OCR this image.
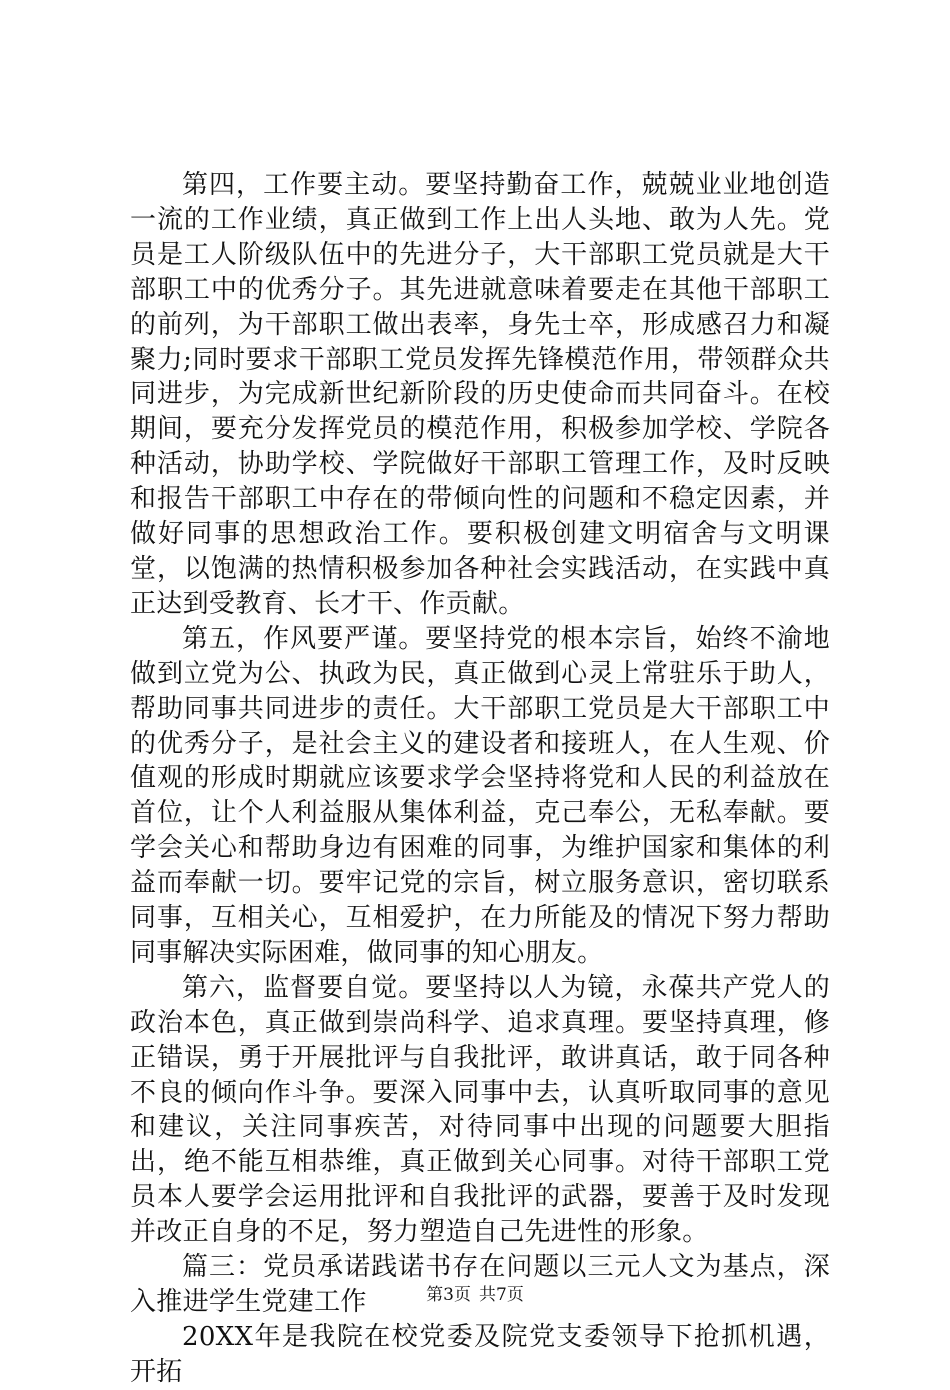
第四，工作要主动。要坚持勤奋工作，兢兢业业地创造一流的工作业绩，真正做到工作上出人头地、敢为人先。党员是工人阶级队伍中的先进分子，大干部职工党员就是大干部职工中的优秀分子。其先进就意味着要走在其他干部职工的前列，为干部职工做出表率，身先士卒，形成感召力和凝聚力;同时要求干部职工党员发挥先锋模范作用，带领群众共同进步，为完成新世纪新阶段的历史使命而共同奋斗。在校期间，要充分发挥党员的模范作用，积极参加学校、学院各种活动，协助学校、学院做好干部职工管理工作，及时反映和报告干部职工中存在的带倾向性的问题和不稳定因素，并做好同事的思想政治工作。要积极创建文明宿舍与文明课堂，以饱满的热情积极参加各种社会实践活动，在实践中真正达到受教育、长才干、作贡献。

第五，作风要严谨。要坚持党的根本宗旨，始终不渝地做到立党为公、执政为民，真正做到心灵上常驻乐于助人，帮助同事共同进步的责任。大干部职工党员是大干部职工中的优秀分子，是社会主义的建设者和接班人，在人生观、价值观的形成时期就应该要求学会坚持将党和人民的利益放在首位，让个人利益服从集体利益，克己奉公，无私奉献。要学会关心和帮助身边有困难的同事，为维护国家和集体的利益而奉献一切。要牢记党的宗旨，树立服务意识，密切联系同事，互相关心，互相爱护，在力所能及的情况下努力帮助同事解决实际困难，做同事的知心朋友。

第六，监督要自觉。要坚持以人为镜，永葆共产党人的政治本色，真正做到崇尚科学、追求真理。要坚持真理，修正错误，勇于开展批评与自我批评，敢讲真话，敢于同各种不良的倾向作斗争。要深入同事中去，认真听取同事的意见和建议，关注同事疾苦，对待同事中出现的问题要大胆指出，绝不能互相恭维，真正做到关心同事。对待干部职工党员本人要学会运用批评和自我批评的武器，要善于及时发现并改正自身的不足，努力塑造自己先进性的形象。

篇三：党员承诺践诺书存在问题以三元人文为基点，深入推进学生党建工作

20XX年是我院在校党委及院党支委领导下抢抓机遇，开拓

第3页 共7页
